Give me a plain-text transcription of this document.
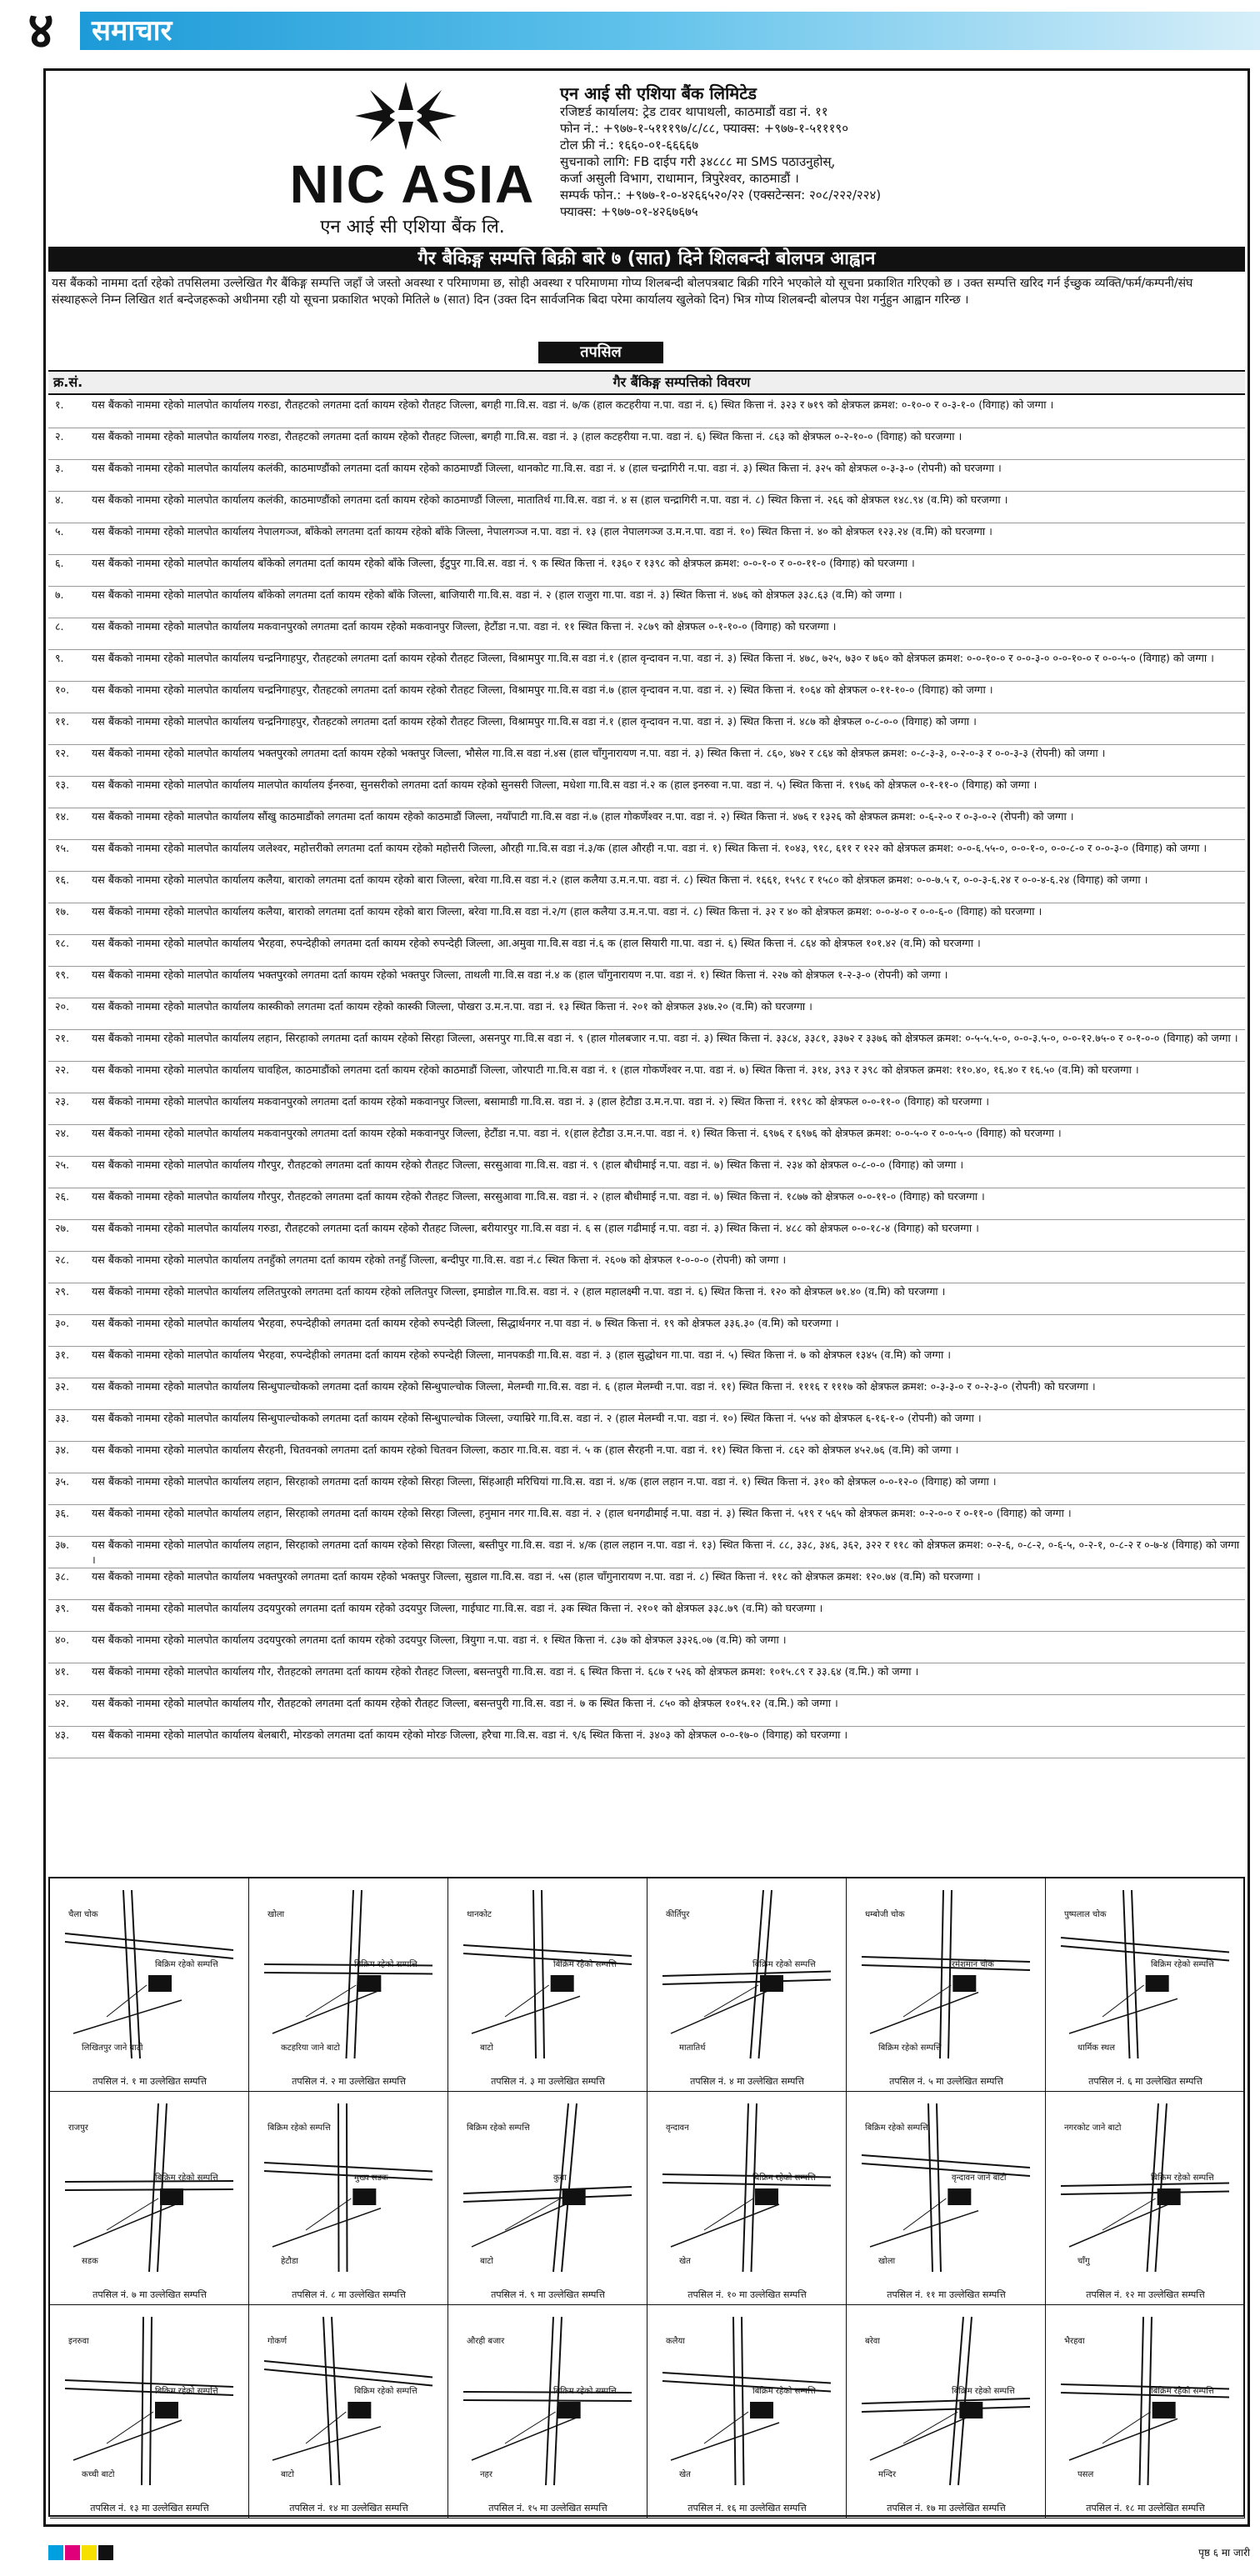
४	समाचार
NIC ASIA
एन आई सी एशिया बैंक लि.
एन आई सी एशिया बैंक लिमिटेड
रजिष्टर्ड कार्यालय: ट्रेड टावर थापाथली, काठमाडौं वडा नं. ११
फोन नं.: +९७७-१-५१११९७/८/८८, फ्याक्स: +९७७-१-५१११९०
टोल फ्री नं.: १६६०-०१-६६६६७
सुचनाको लागि: FB दाईप गरी ३४८८८ मा SMS पठाउनुहोस्,
कर्जा असुली विभाग, राधामान, त्रिपुरेश्वर, काठमाडौं ।
सम्पर्क फोन.: +९७७-१-०-४२६६५२०/२२ (एक्सटेन्सन: २०८/२२२/२२४)
फ्याक्स: +९७७-०१-४२६७६७५
गैर बैकिङ्ग सम्पत्ति बिक्री बारे ७ (सात) दिने शिलबन्दी बोलपत्र आह्वान
यस बैंकको नाममा दर्ता रहेको तपसिलमा उल्लेखित गैर बैंकिङ्ग सम्पत्ति जहाँ जे जस्तो अवस्था र परिमाणमा छ, सोही अवस्था र परिमाणमा गोप्य शिलबन्दी बोलपत्रबाट बिक्री गरिने भएकोले यो सूचना प्रकाशित गरिएको छ । उक्त सम्पत्ति खरिद गर्न ईच्छुक व्यक्ति/फर्म/कम्पनी/संघ संस्थाहरूले निम्न लिखित शर्त बन्देजहरूको अधीनमा रही यो सूचना प्रकाशित भएको मितिले ७ (सात) दिन (उक्त दिन सार्वजनिक बिदा परेमा कार्यालय खुलेको दिन) भित्र गोप्य शिलबन्दी बोलपत्र पेश गर्नुहुन आह्वान गरिन्छ ।
तपसिल
क्र.सं.	गैर बैंकिङ्ग सम्पत्तिको विवरण
१.	यस बैंकको नाममा रहेको मालपोत कार्यालय गरुडा, रौतहटको लगतमा दर्ता कायम रहेको रौतहट जिल्ला, बगही गा.वि.स. वडा नं. ७/क (हाल कटहरीया न.पा. वडा नं. ६) स्थित कित्ता नं. ३२३ र ७१९ को क्षेत्रफल क्रमश: ०-१०-० र ०-३-१-० (विगाह) को जग्गा ।
२.	यस बैंकको नाममा रहेको मालपोत कार्यालय गरुडा, रौतहटको लगतमा दर्ता कायम रहेको रौतहट जिल्ला, बगही गा.वि.स. वडा नं. ३ (हाल कटहरीया न.पा. वडा नं. ६) स्थित कित्ता नं. ८६३ को क्षेत्रफल ०-२-१०-० (विगाह) को घरजग्गा ।
३.	यस बैंकको नाममा रहेको मालपोत कार्यालय कलंकी, काठमाण्डौंको लगतमा दर्ता कायम रहेको काठमाण्डौं जिल्ला, थानकोट गा.वि.स. वडा नं. ४ (हाल चन्द्रागिरी न.पा. वडा नं. ३) स्थित कित्ता नं. ३२५ को क्षेत्रफल ०-३-३-० (रोपनी) को घरजग्गा ।
४.	यस बैंकको नाममा रहेको मालपोत कार्यालय कलंकी, काठमाण्डौंको लगतमा दर्ता कायम रहेको काठमाण्डौं जिल्ला, मातातिर्थ गा.वि.स. वडा नं. ४ स (हाल चन्द्रागिरी न.पा. वडा नं. ८) स्थित कित्ता नं. २६६ को क्षेत्रफल १४८.९४ (व.मि) को घरजग्गा ।
५.	यस बैंकको नाममा रहेको मालपोत कार्यालय नेपालगञ्ज, बाँकेको लगतमा दर्ता कायम रहेको बाँके जिल्ला, नेपालगञ्ज न.पा. वडा नं. १३ (हाल नेपालगञ्ज उ.म.न.पा. वडा नं. १०) स्थित कित्ता नं. ४० को क्षेत्रफल १२३.२४ (व.मि) को घरजग्गा ।
६.	यस बैंकको नाममा रहेको मालपोत कार्यालय बाँकेको लगतमा दर्ता कायम रहेको बाँके जिल्ला, ईटुपुर गा.वि.स. वडा नं. ९ क स्थित कित्ता नं. १३६० र १३९८ को क्षेत्रफल क्रमश: ०-०-१-० र ०-०-११-० (विगाह) को घरजग्गा ।
७.	यस बैंकको नाममा रहेको मालपोत कार्यालय बाँकेको लगतमा दर्ता कायम रहेको बाँके जिल्ला, बाजियारी गा.वि.स. वडा नं. २ (हाल राजुरा गा.पा. वडा नं. ३) स्थित कित्ता नं. ४७६ को क्षेत्रफल ३३८.६३ (व.मि) को जग्गा ।
८.	यस बैंकको नाममा रहेको मालपोत कार्यालय मकवानपुरको लगतमा दर्ता कायम रहेको मकवानपुर जिल्ला, हेटौंडा न.पा. वडा नं. ११ स्थित कित्ता नं. २८७९ को क्षेत्रफल ०-१-१०-० (विगाह) को घरजग्गा ।
९.	यस बैंकको नाममा रहेको मालपोत कार्यालय चन्द्रनिगाहपुर, रौतहटको लगतमा दर्ता कायम रहेको रौतहट जिल्ला, विश्रामपुर गा.वि.स वडा नं.१ (हाल वृन्दावन न.पा. वडा नं. ३) स्थित कित्ता नं. ४७८, ७२५, ७३० र ७६० को क्षेत्रफल क्रमश: ०-०-१०-० र ०-०-३-० ०-०-१०-० र ०-०-५-० (विगाह) को जग्गा ।
१०.	यस बैंकको नाममा रहेको मालपोत कार्यालय चन्द्रनिगाहपुर, रौतहटको लगतमा दर्ता कायम रहेको रौतहट जिल्ला, विश्रामपुर गा.वि.स वडा नं.७ (हाल वृन्दावन न.पा. वडा नं. २) स्थित कित्ता नं. १०६४ को क्षेत्रफल ०-११-१०-० (विगाह) को जग्गा ।
११.	यस बैंकको नाममा रहेको मालपोत कार्यालय चन्द्रनिगाहपुर, रौतहटको लगतमा दर्ता कायम रहेको रौतहट जिल्ला, विश्रामपुर गा.वि.स वडा नं.१ (हाल वृन्दावन न.पा. वडा नं. ३) स्थित कित्ता नं. ४८७ को क्षेत्रफल ०-८-०-० (विगाह) को जग्गा ।
१२.	यस बैंकको नाममा रहेको मालपोत कार्यालय भक्तपुरको लगतमा दर्ता कायम रहेको भक्तपुर जिल्ला, भौसेल गा.वि.स वडा नं.४स (हाल चाँगुनारायण न.पा. वडा नं. ३) स्थित कित्ता नं. ८६०, ४७२ र ८६४ को क्षेत्रफल क्रमश: ०-८-३-३, ०-२-०-३ र ०-०-३-३ (रोपनी) को जग्गा ।
१३.	यस बैंकको नाममा रहेको मालपोत कार्यालय मालपोत कार्यालय ईनरुवा, सुनसरीको लगतमा दर्ता कायम रहेको सुनसरी जिल्ला, मधेशा गा.वि.स वडा नं.२ क (हाल इनरुवा न.पा. वडा नं. ५) स्थित कित्ता नं. १९७६ को क्षेत्रफल ०-१-११-० (विगाह) को जग्गा ।
१४.	यस बैंकको नाममा रहेको मालपोत कार्यालय सौंखु काठमाडौंको लगतमा दर्ता कायम रहेको काठमाडौं जिल्ला, नयाँपाटी गा.वि.स वडा नं.७ (हाल गोकर्णेश्वर न.पा. वडा नं. २) स्थित कित्ता नं. ४७६ र १३२६ को क्षेत्रफल क्रमश: ०-६-२-० र ०-३-०-२ (रोपनी) को जग्गा ।
१५.	यस बैंकको नाममा रहेको मालपोत कार्यालय जलेश्वर, महोत्तरीको लगतमा दर्ता कायम रहेको महोत्तरी जिल्ला, औरही गा.वि.स वडा नं.३/क (हाल औरही न.पा. वडा नं. १) स्थित कित्ता नं. १०४३, ९१८, ६११ र १२२ को क्षेत्रफल क्रमश: ०-०-६.५५-०, ०-०-१-०, ०-०-८-० र ०-०-३-० (विगाह) को जग्गा ।
१६.	यस बैंकको नाममा रहेको मालपोत कार्यालय कलैया, बाराको लगतमा दर्ता कायम रहेको बारा जिल्ला, बरेवा गा.वि.स वडा नं.२ (हाल कलैया उ.म.न.पा. वडा नं. ८) स्थित कित्ता नं. १६६१, १५९८ र १५८० को क्षेत्रफल क्रमश: ०-०-७.५ र, ०-०-३-६.२४ र ०-०-४-६.२४ (विगाह) को जग्गा ।
१७.	यस बैंकको नाममा रहेको मालपोत कार्यालय कलैया, बाराको लगतमा दर्ता कायम रहेको बारा जिल्ला, बरेवा गा.वि.स वडा नं.२/ग (हाल कलैया उ.म.न.पा. वडा नं. ८) स्थित कित्ता नं. ३२ र ४० को क्षेत्रफल क्रमश: ०-०-४-० र ०-०-६-० (विगाह) को घरजग्गा ।
१८.	यस बैंकको नाममा रहेको मालपोत कार्यालय भैरहवा, रुपन्देहीको लगतमा दर्ता कायम रहेको रुपन्देही जिल्ला, आ.अमुवा गा.वि.स वडा नं.६ क (हाल सियारी गा.पा. वडा नं. ६) स्थित कित्ता नं. ८६४ को क्षेत्रफल १०१.४२ (व.मि) को घरजग्गा ।
१९.	यस बैंकको नाममा रहेको मालपोत कार्यालय भक्तपुरको लगतमा दर्ता कायम रहेको भक्तपुर जिल्ला, ताथली गा.वि.स वडा नं.४ क (हाल चाँगुनारायण न.पा. वडा नं. १) स्थित कित्ता नं. २२७ को क्षेत्रफल १-२-३-० (रोपनी) को जग्गा ।
२०.	यस बैंकको नाममा रहेको मालपोत कार्यालय कास्कीको लगतमा दर्ता कायम रहेको कास्की जिल्ला, पोखरा उ.म.न.पा. वडा नं. १३ स्थित कित्ता नं. २०१ को क्षेत्रफल ३४७.२० (व.मि) को घरजग्गा ।
२१.	यस बैंकको नाममा रहेको मालपोत कार्यालय लहान, सिरहाको लगतमा दर्ता कायम रहेको सिरहा जिल्ला, असनपुर गा.वि.स वडा नं. ९ (हाल गोलबजार न.पा. वडा नं. ३) स्थित कित्ता नं. ३३८४, ३३८१, ३३७२ र ३३७६ को क्षेत्रफल क्रमश: ०-५-५.५-०, ०-०-३.५-०, ०-०-१२.७५-० र ०-१-०-० (विगाह) को जग्गा ।
२२.	यस बैंकको नाममा रहेको मालपोत कार्यालय चावहिल, काठमाडौंको लगतमा दर्ता कायम रहेको काठमाडौं जिल्ला, जोरपाटी गा.वि.स वडा नं. १ (हाल गोकर्णेश्वर न.पा. वडा नं. ७) स्थित कित्ता नं. ३१४, ३९३ र ३९८ को क्षेत्रफल क्रमश: ११०.४०, १६.४० र १६.५० (व.मि) को घरजग्गा ।
२३.	यस बैंकको नाममा रहेको मालपोत कार्यालय मकवानपुरको लगतमा दर्ता कायम रहेको मकवानपुर जिल्ला, बसामाडी गा.वि.स. वडा नं. ३ (हाल हेटौडा उ.म.न.पा. वडा नं. २) स्थित कित्ता नं. ११९८ को क्षेत्रफल ०-०-११-० (विगाह) को घरजग्गा ।
२४.	यस बैंकको नाममा रहेको मालपोत कार्यालय मकवानपुरको लगतमा दर्ता कायम रहेको मकवानपुर जिल्ला, हेटौंडा न.पा. वडा नं. १(हाल हेटौडा उ.म.न.पा. वडा नं. १) स्थित कित्ता नं. ६९७६ र ६९७६ को क्षेत्रफल क्रमश: ०-०-५-० र ०-०-५-० (विगाह) को घरजग्गा ।
२५.	यस बैंकको नाममा रहेको मालपोत कार्यालय गौरपुर, रौतहटको लगतमा दर्ता कायम रहेको रौतहट जिल्ला, सरसुआवा गा.वि.स. वडा नं. ९ (हाल बौधीमाई न.पा. वडा नं. ७) स्थित कित्ता नं. २३४ को क्षेत्रफल ०-८-०-० (विगाह) को जग्गा ।
२६.	यस बैंकको नाममा रहेको मालपोत कार्यालय गौरपुर, रौतहटको लगतमा दर्ता कायम रहेको रौतहट जिल्ला, सरसुआवा गा.वि.स. वडा नं. २ (हाल बौधीमाई न.पा. वडा नं. ७) स्थित कित्ता नं. १८७७ को क्षेत्रफल ०-०-११-० (विगाह) को घरजग्गा ।
२७.	यस बैंकको नाममा रहेको मालपोत कार्यालय गरुडा, रौतहटको लगतमा दर्ता कायम रहेको रौतहट जिल्ला, बरीयारपुर गा.वि.स वडा नं. ६ स (हाल गढीमाई न.पा. वडा नं. ३) स्थित कित्ता नं. ४८८ को क्षेत्रफल ०-०-१८-४ (विगाह) को घरजग्गा ।
२८.	यस बैंकको नाममा रहेको मालपोत कार्यालय तनहुँको लगतमा दर्ता कायम रहेको तनहुँ जिल्ला, बन्दीपुर गा.वि.स. वडा नं.८ स्थित कित्ता नं. २६०७ को क्षेत्रफल १-०-०-० (रोपनी) को जग्गा ।
२९.	यस बैंकको नाममा रहेको मालपोत कार्यालय ललितपुरको लगतमा दर्ता कायम रहेको ललितपुर जिल्ला, इमाडोल गा.वि.स. वडा नं. २ (हाल महालक्ष्मी न.पा. वडा नं. ६) स्थित कित्ता नं. १२० को क्षेत्रफल ७१.४० (व.मि) को घरजग्गा ।
३०.	यस बैंकको नाममा रहेको मालपोत कार्यालय भैरहवा, रुपन्देहीको लगतमा दर्ता कायम रहेको रुपन्देही जिल्ला, सिद्धार्थनगर न.पा वडा नं. ७ स्थित कित्ता नं. १९ को क्षेत्रफल ३३६.३० (व.मि) को घरजग्गा ।
३१.	यस बैंकको नाममा रहेको मालपोत कार्यालय भैरहवा, रुपन्देहीको लगतमा दर्ता कायम रहेको रुपन्देही जिल्ला, मानपकडी गा.वि.स. वडा नं. ३ (हाल सुद्धोधन गा.पा. वडा नं. ५) स्थित कित्ता नं. ७ को क्षेत्रफल १३४५ (व.मि) को जग्गा ।
३२.	यस बैंकको नाममा रहेको मालपोत कार्यालय सिन्धुपाल्चोकको लगतमा दर्ता कायम रहेको सिन्धुपाल्चोक जिल्ला, मेलम्ची गा.वि.स. वडा नं. ६ (हाल मेलम्ची न.पा. वडा नं. ११) स्थित कित्ता नं. १११६ र १११७ को क्षेत्रफल क्रमश: ०-३-३-० र ०-२-३-० (रोपनी) को घरजग्गा ।
३३.	यस बैंकको नाममा रहेको मालपोत कार्यालय सिन्धुपाल्चोकको लगतमा दर्ता कायम रहेको सिन्धुपाल्चोक जिल्ला, ज्याम्रिरे गा.वि.स. वडा नं. २ (हाल मेलम्ची न.पा. वडा नं. १०) स्थित कित्ता नं. ५५४ को क्षेत्रफल ६-१६-१-० (रोपनी) को जग्गा ।
३४.	यस बैंकको नाममा रहेको मालपोत कार्यालय सैरहनी, चितवनको लगतमा दर्ता कायम रहेको चितवन जिल्ला, कठार गा.वि.स. वडा नं. ५ क (हाल सैरहनी न.पा. वडा नं. ११) स्थित कित्ता नं. ८६२ को क्षेत्रफल ४५२.७६ (व.मि) को जग्गा ।
३५.	यस बैंकको नाममा रहेको मालपोत कार्यालय लहान, सिरहाको लगतमा दर्ता कायम रहेको सिरहा जिल्ला, सिंहआही मरिचियां गा.वि.स. वडा नं. ४/क (हाल लहान न.पा. वडा नं. १) स्थित कित्ता नं. ३१० को क्षेत्रफल ०-०-१२-० (विगाह) को जग्गा ।
३६.	यस बैंकको नाममा रहेको मालपोत कार्यालय लहान, सिरहाको लगतमा दर्ता कायम रहेको सिरहा जिल्ला, हनुमान नगर गा.वि.स. वडा नं. २ (हाल धनगढीमाई न.पा. वडा नं. ३) स्थित कित्ता नं. ५१९ र ५६५ को क्षेत्रफल क्रमश: ०-२-०-० र ०-११-० (विगाह) को जग्गा ।
३७.	यस बैंकको नाममा रहेको मालपोत कार्यालय लहान, सिरहाको लगतमा दर्ता कायम रहेको सिरहा जिल्ला, बस्तीपुर गा.वि.स. वडा नं. ४/क (हाल लहान न.पा. वडा नं. १३) स्थित कित्ता नं. ८८, ३३८, ३४६, ३६२, ३२२ र ११८ को क्षेत्रफल क्रमश: ०-२-६, ०-८-२, ०-६-५, ०-२-१, ०-८-२ र ०-७-४ (विगाह) को जग्गा ।
३८.	यस बैंकको नाममा रहेको मालपोत कार्यालय भक्तपुरको लगतमा दर्ता कायम रहेको भक्तपुर जिल्ला, सुडाल गा.वि.स. वडा नं. ५स (हाल चाँगुनारायण न.पा. वडा नं. ८) स्थित कित्ता नं. ११८ को क्षेत्रफल क्रमश: १२०.७४ (व.मि) को घरजग्गा ।
३९.	यस बैंकको नाममा रहेको मालपोत कार्यालय उदयपुरको लगतमा दर्ता कायम रहेको उदयपुर जिल्ला, गाईघाट गा.वि.स. वडा नं. ३क स्थित कित्ता नं. २१०१ को क्षेत्रफल ३३८.७९ (व.मि) को घरजग्गा ।
४०.	यस बैंकको नाममा रहेको मालपोत कार्यालय उदयपुरको लगतमा दर्ता कायम रहेको उदयपुर जिल्ला, त्रियुगा न.पा. वडा नं. १ स्थित कित्ता नं. ८३७ को क्षेत्रफल ३३२६.०७ (व.मि) को जग्गा ।
४१.	यस बैंकको नाममा रहेको मालपोत कार्यालय गौर, रौतहटको लगतमा दर्ता कायम रहेको रौतहट जिल्ला, बसन्तपुरी गा.वि.स. वडा नं. ६ स्थित कित्ता नं. ६८७ र ५२६ को क्षेत्रफल क्रमश: १०१५.८९ र ३३.६४ (व.मि.) को जग्गा ।
४२.	यस बैंकको नाममा रहेको मालपोत कार्यालय गौर, रौतहटको लगतमा दर्ता कायम रहेको रौतहट जिल्ला, बसन्तपुरी गा.वि.स. वडा नं. ७ क स्थित कित्ता नं. ८५० को क्षेत्रफल १०१५.१२ (व.मि.) को जग्गा ।
४३.	यस बैंकको नाममा रहेको मालपोत कार्यालय बेलबारी, मोरङको लगतमा दर्ता कायम रहेको मोरङ जिल्ला, हरैचा गा.वि.स. वडा नं. ९/६ स्थित कित्ता नं. ३४०३ को क्षेत्रफल ०-०-१७-० (विगाह) को घरजग्गा ।
चैला चोक
बिक्रिम रहेको सम्पत्ति
लिखितपुर जाने बाटो
तपसिल नं. १ मा उल्लेखित सम्पत्ति
खोला
बिक्रिम रहेको सम्पत्ति
कटहरिया जाने बाटो
तपसिल नं. २ मा उल्लेखित सम्पत्ति
थानकोट
बिक्रिम रहेको सम्पत्ति
बाटो
तपसिल नं. ३ मा उल्लेखित सम्पत्ति
कीर्तिपुर
बिक्रिम रहेको सम्पत्ति
मातातिर्थ
तपसिल नं. ४ मा उल्लेखित सम्पत्ति
धम्बोजी चोक
रमेशमान चोक
बिक्रिम रहेको सम्पत्ति
तपसिल नं. ५ मा उल्लेखित सम्पत्ति
पुष्पलाल चोक
बिक्रिम रहेको सम्पत्ति
धार्मिक स्थल
तपसिल नं. ६ मा उल्लेखित सम्पत्ति
राजपुर
बिक्रिम रहेको सम्पत्ति
सडक
तपसिल नं. ७ मा उल्लेखित सम्पत्ति
बिक्रिम रहेको सम्पत्ति
मुख्य सडक
हेटौडा
तपसिल नं. ८ मा उल्लेखित सम्पत्ति
बिक्रिम रहेको सम्पत्ति
कुवा
बाटो
तपसिल नं. ९ मा उल्लेखित सम्पत्ति
वृन्दावन
बिक्रिम रहेको सम्पत्ति
खेत
तपसिल नं. १० मा उल्लेखित सम्पत्ति
बिक्रिम रहेको सम्पत्ति
वृन्दावन जाने बाटो
खोला
तपसिल नं. ११ मा उल्लेखित सम्पत्ति
नगरकोट जाने बाटो
बिक्रिम रहेको सम्पत्ति
चाँगु
तपसिल नं. १२ मा उल्लेखित सम्पत्ति
इनरुवा
बिक्रिम रहेको सम्पत्ति
कच्ची बाटो
तपसिल नं. १३ मा उल्लेखित सम्पत्ति
गोकर्ण
बिक्रिम रहेको सम्पत्ति
बाटो
तपसिल नं. १४ मा उल्लेखित सम्पत्ति
औरही बजार
बिक्रिम रहेको सम्पत्ति
नहर
तपसिल नं. १५ मा उल्लेखित सम्पत्ति
कलैया
बिक्रिम रहेको सम्पत्ति
खेत
तपसिल नं. १६ मा उल्लेखित सम्पत्ति
बरेवा
बिक्रिम रहेको सम्पत्ति
मन्दिर
तपसिल नं. १७ मा उल्लेखित सम्पत्ति
भैरहवा
बिक्रिम रहेको सम्पत्ति
पसल
तपसिल नं. १८ मा उल्लेखित सम्पत्ति
पृष्ठ ६ मा जारी
